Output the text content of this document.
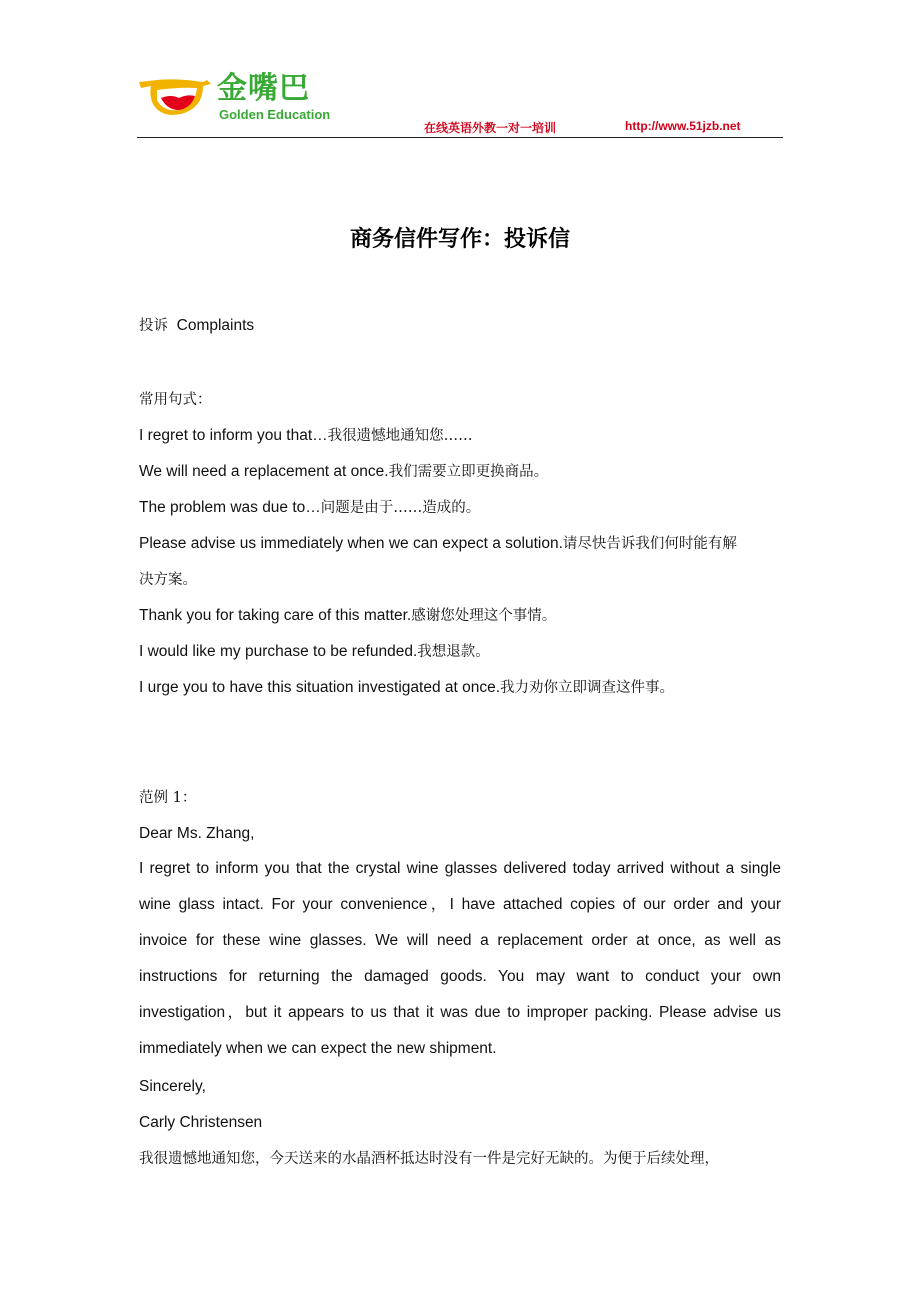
金嘴巴
Golden Education
在线英语外教一对一培训	http://www.51jzb.net
商务信件写作：投诉信
投诉 Complaints
常用句式：
I regret to inform you that…我很遗憾地通知您……
We will need a replacement at once.我们需要立即更换商品。
The problem was due to…问题是由于……造成的。
Please advise us immediately when we can expect a solution.请尽快告诉我们何时能有解
决方案。
Thank you for taking care of this matter.感谢您处理这个事情。
I would like my purchase to be refunded.我想退款。
I urge you to have this situation investigated at once.我力劝你立即调查这件事。
范例 1：
Dear Ms. Zhang,
I regret to inform you that the crystal wine glasses delivered today arrived without a single wine glass intact. For your convenience，I have attached copies of our order and your invoice for these wine glasses. We will need a replacement order at once, as well as instructions for returning the damaged goods. You may want to conduct your own investigation，but it appears to us that it was due to improper packing. Please advise us immediately when we can expect the new shipment.
Sincerely,
Carly Christensen
我很遗憾地通知您，今天送来的水晶酒杯抵达时没有一件是完好无缺的。为便于后续处理，
